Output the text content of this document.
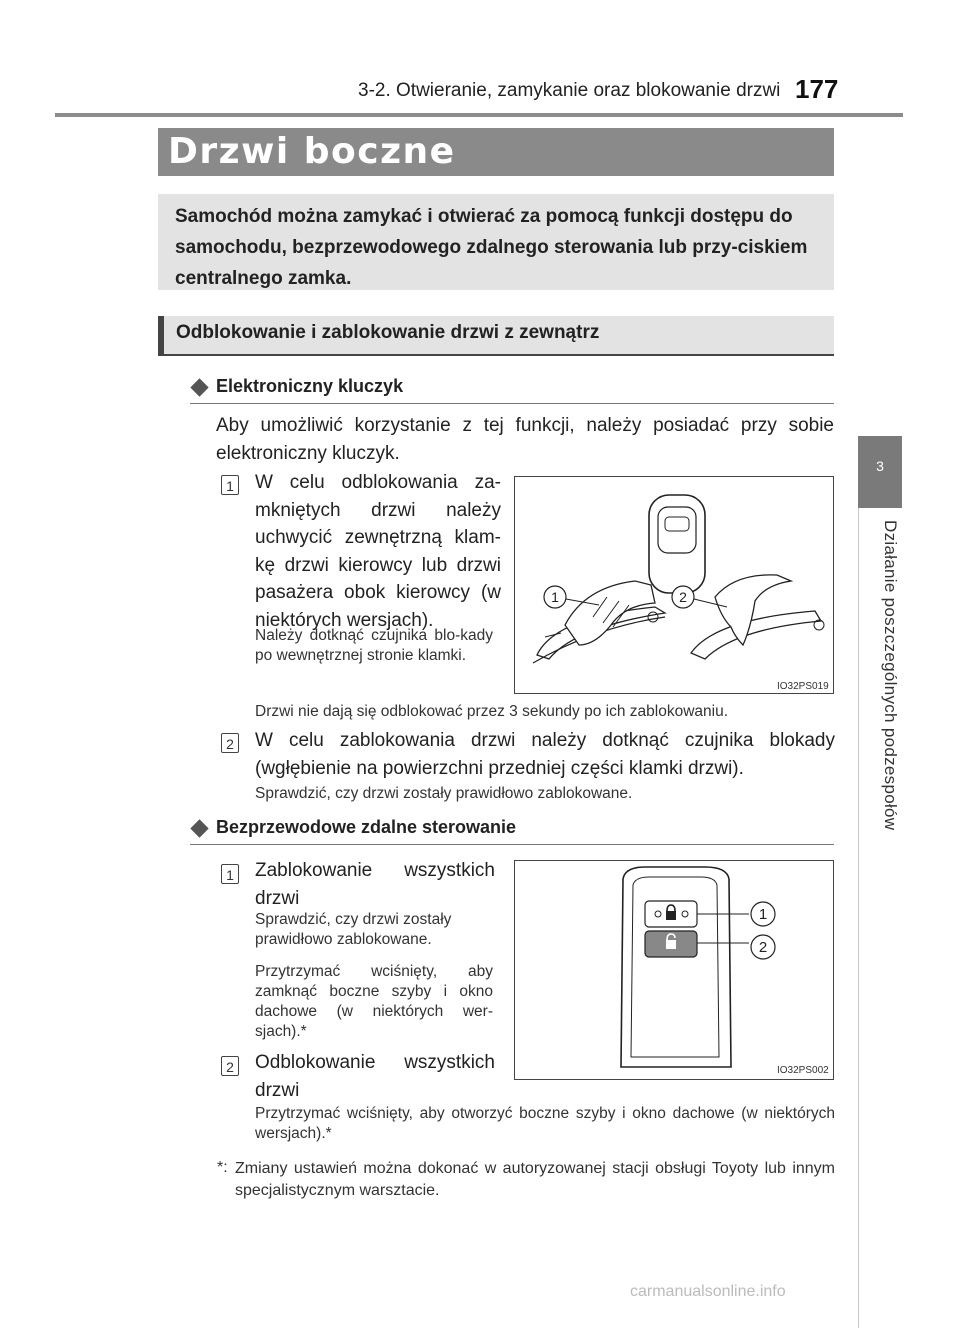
3-2. Otwieranie, zamykanie oraz blokowanie drzwi 177
Drzwi boczne
Samochód można zamykać i otwierać za pomocą funkcji dostępu do samochodu, bezprzewodowego zdalnego sterowania lub przy-ciskiem centralnego zamka.
Odblokowanie i zablokowanie drzwi z zewnątrz
Elektroniczny kluczyk
Aby umożliwić korzystanie z tej funkcji, należy posiadać przy sobie elektroniczny kluczyk.
1 W celu odblokowania za-mkniętych drzwi należy uchwycić zewnętrzną klam-kę drzwi kierowcy lub drzwi pasażera obok kierowcy (w niektórych wersjach).
Należy dotknąć czujnika blo-kady po wewnętrznej stronie klamki.
Drzwi nie dają się odblokować przez 3 sekundy po ich zablokowaniu.
1	2
IO32PS019
2 W celu zablokowania drzwi należy dotknąć czujnika blokady (wgłębienie na powierzchni przedniej części klamki drzwi).
Sprawdzić, czy drzwi zostały prawidłowo zablokowane.
Bezprzewodowe zdalne sterowanie
1 Zablokowanie wszystkich drzwi
Sprawdzić, czy drzwi zostały prawidłowo zablokowane.
Przytrzymać wciśnięty, aby zamknąć boczne szyby i okno dachowe (w niektórych wer-sjach).*
2 Odblokowanie wszystkich drzwi
Przytrzymać wciśnięty, aby otworzyć boczne szyby i okno dachowe (w niektórych wersjach).*
1
2
IO32PS002
*: Zmiany ustawień można dokonać w autoryzowanej stacji obsługi Toyoty lub innym specjalistycznym warsztacie.
3
Działanie poszczególnych podzespołów
carmanualsonline.info
